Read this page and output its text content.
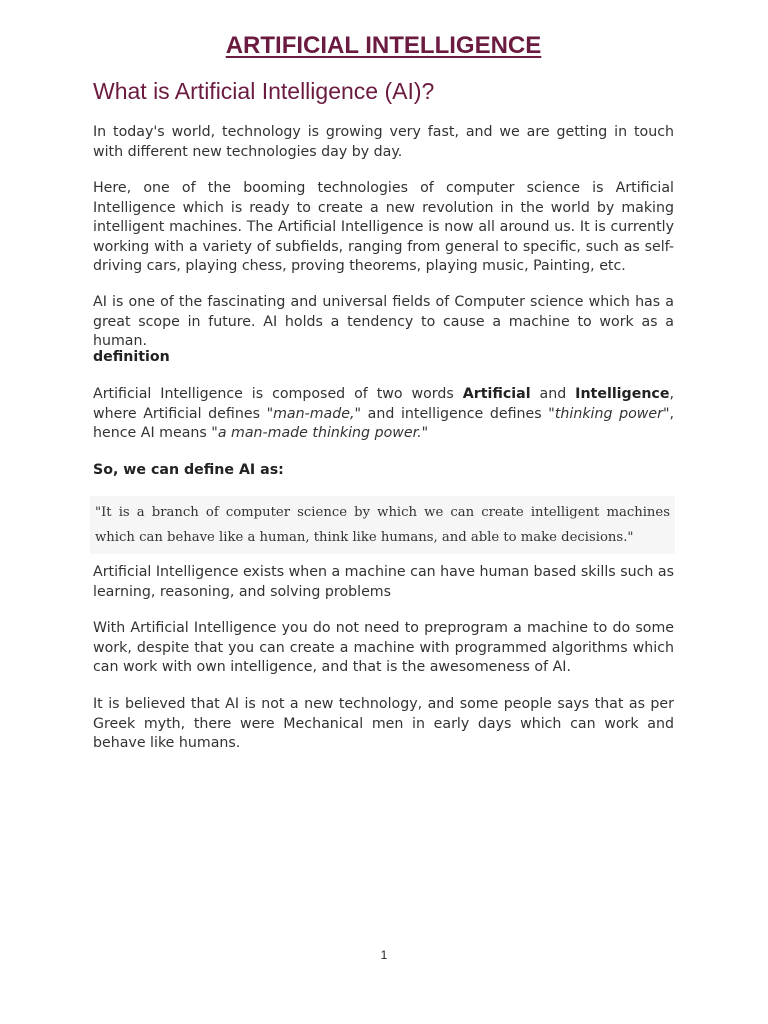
ARTIFICIAL INTELLIGENCE
What is Artificial Intelligence (AI)?

In today's world, technology is growing very fast, and we are getting in touch with different new technologies day by day.

Here, one of the booming technologies of computer science is Artificial Intelligence which is ready to create a new revolution in the world by making intelligent machines. The Artificial Intelligence is now all around us. It is currently working with a variety of subfields, ranging from general to specific, such as self-driving cars, playing chess, proving theorems, playing music, Painting, etc.

AI is one of the fascinating and universal fields of Computer science which has a great scope in future. AI holds a tendency to cause a machine to work as a human.

definition

Artificial Intelligence is composed of two words Artificial and Intelligence, where Artificial defines "man-made," and intelligence defines "thinking power", hence AI means "a man-made thinking power."

So, we can define AI as:
"It is a branch of computer science by which we can create intelligent machines which can behave like a human, think like humans, and able to make decisions."

Artificial Intelligence exists when a machine can have human based skills such as learning, reasoning, and solving problems

With Artificial Intelligence you do not need to preprogram a machine to do some work, despite that you can create a machine with programmed algorithms which can work with own intelligence, and that is the awesomeness of AI.

It is believed that AI is not a new technology, and some people says that as per Greek myth, there were Mechanical men in early days which can work and behave like humans.

1
